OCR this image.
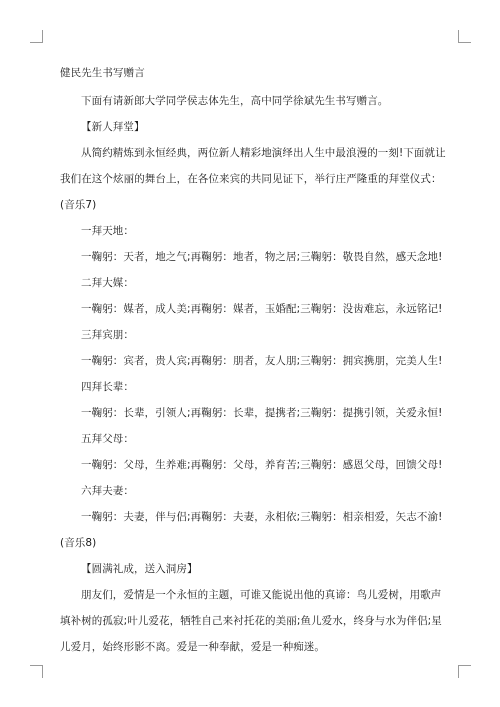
健民先生书写赠言

下面有请新郎大学同学侯志体先生，高中同学徐斌先生书写赠言。

【新人拜堂】

从简约精炼到永恒经典，两位新人精彩地演绎出人生中最浪漫的一刻!下面就让我们在这个炫丽的舞台上，在各位来宾的共同见证下，举行庄严隆重的拜堂仪式：(音乐7)

一拜天地：

一鞠躬：天者，地之气;再鞠躬：地者，物之居;三鞠躬：敬畏自然，感天念地!

二拜大媒：

一鞠躬：媒者，成人美;再鞠躬：媒者，玉婚配;三鞠躬：没齿难忘，永远铭记!

三拜宾朋：

一鞠躬：宾者，贵人宾;再鞠躬：朋者，友人朋;三鞠躬：拥宾携朋，完美人生!

四拜长辈：

一鞠躬：长辈，引领人;再鞠躬：长辈，提携者;三鞠躬：提携引领，关爱永恒!

五拜父母：

一鞠躬：父母，生养难;再鞠躬：父母，养育苦;三鞠躬：感恩父母，回馈父母!

六拜夫妻：

一鞠躬：夫妻，伴与侣;再鞠躬：夫妻，永相依;三鞠躬：相亲相爱，矢志不渝!(音乐8)

【圆满礼成，送入洞房】

朋友们，爱情是一个永恒的主题，可谁又能说出他的真谛：鸟儿爱树，用歌声填补树的孤寂;叶儿爱花，牺牲自己来衬托花的美丽;鱼儿爱水，终身与水为伴侣;星儿爱月，始终形影不离。爱是一种奉献，爱是一种痴迷。
